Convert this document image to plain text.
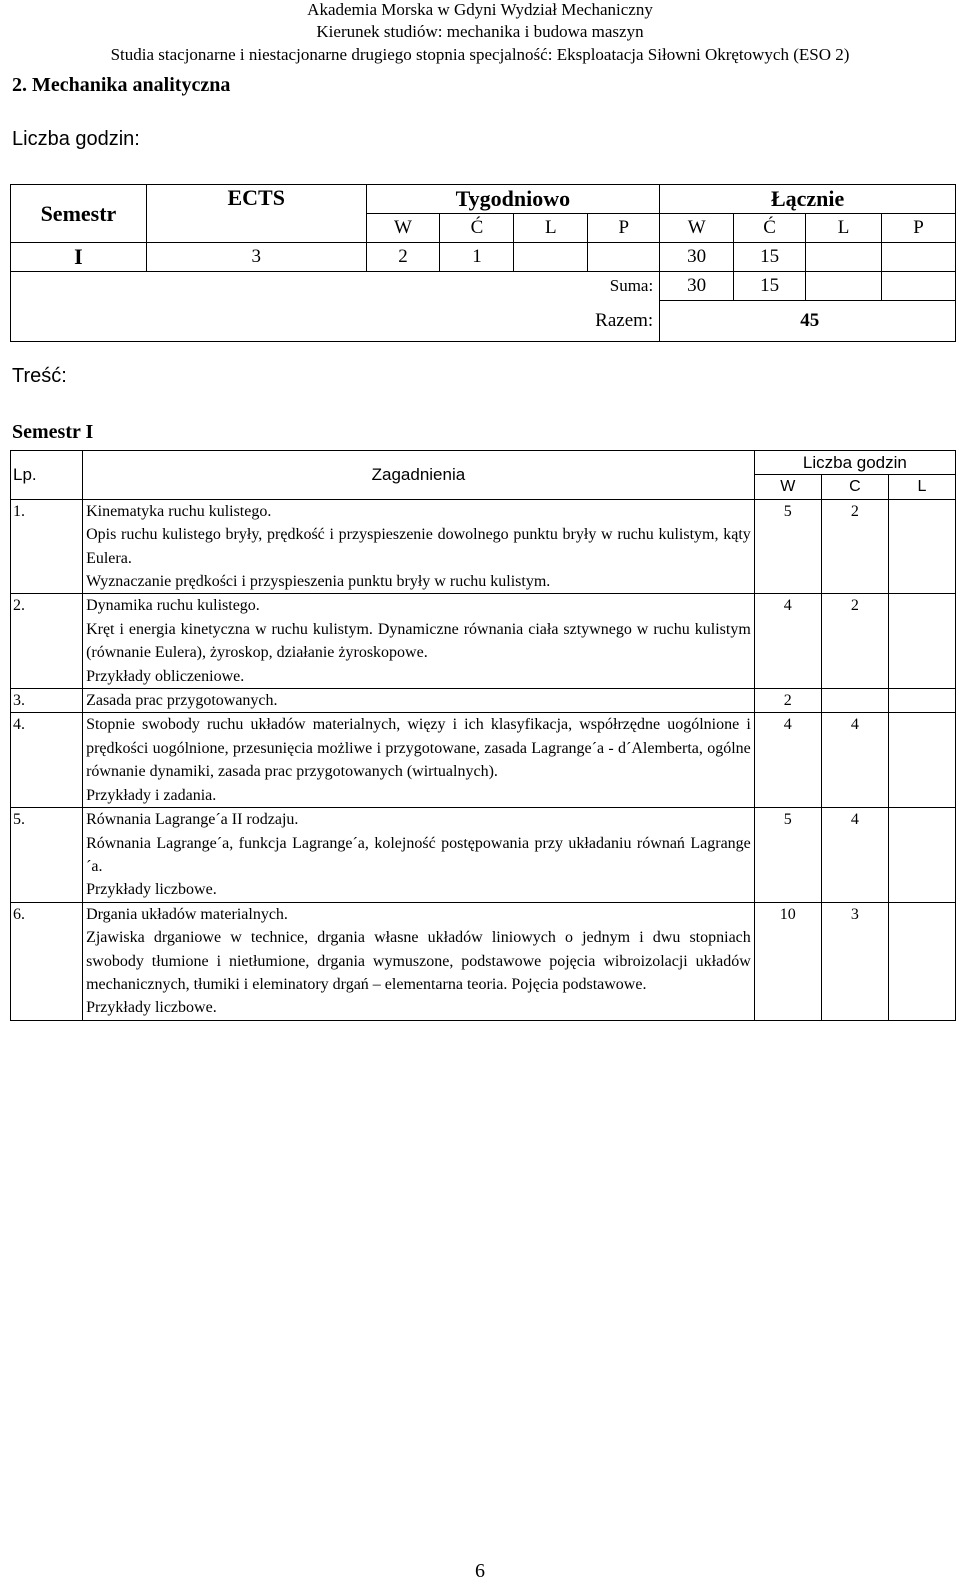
Akademia Morska w Gdyni Wydział Mechaniczny
Kierunek studiów: mechanika i budowa maszyn
Studia stacjonarne i niestacjonarne drugiego stopnia specjalność: Eksploatacja Siłowni Okrętowych (ESO 2)
2. Mechanika analityczna
Liczba godzin:
Semestr	ECTS	Tygodniowo				Łącznie			
		W	Ć	L	P	W	Ć	L	P
I	3	2	1			30	15		
Suma:						30	15		
Razem:						45			
Treść:
Semestr I
Lp.	Zagadnienia	Liczba godzin		
		W	C	L
1.	Kinematyka ruchu kulistego.
Opis ruchu kulistego bryły, prędkość i przyspieszenie dowolnego punktu bryły w ruchu kulistym, kąty Eulera.
Wyznaczanie prędkości i przyspieszenia punktu bryły w ruchu kulistym.	5	2	
2.	Dynamika ruchu kulistego.
Kręt i energia kinetyczna w ruchu kulistym. Dynamiczne równania ciała sztywnego w ruchu kulistym (równanie Eulera), żyroskop, działanie żyroskopowe.
Przykłady obliczeniowe.	4	2	
3.	Zasada prac przygotowanych.	2		
4.	Stopnie swobody ruchu układów materialnych, więzy i ich klasyfikacja, współrzędne uogólnione i prędkości uogólnione, przesunięcia możliwe i przygotowane, zasada Lagrange´a - d´Alemberta, ogólne równanie dynamiki, zasada prac przygotowanych (wirtualnych).
Przykłady i zadania.	4	4	
5.	Równania Lagrange´a II rodzaju.
Równania Lagrange´a, funkcja Lagrange´a, kolejność postępowania przy układaniu równań Lagrange´a.
Przykłady liczbowe.	5	4	
6.	Drgania układów materialnych.
Zjawiska drganiowe w technice, drgania własne układów liniowych o jednym i dwu stopniach swobody tłumione i nietłumione, drgania wymuszone, podstawowe pojęcia wibroizolacji układów mechanicznych, tłumiki i eleminatory drgań – elementarna teoria. Pojęcia podstawowe.
Przykłady liczbowe.	10	3	
6
